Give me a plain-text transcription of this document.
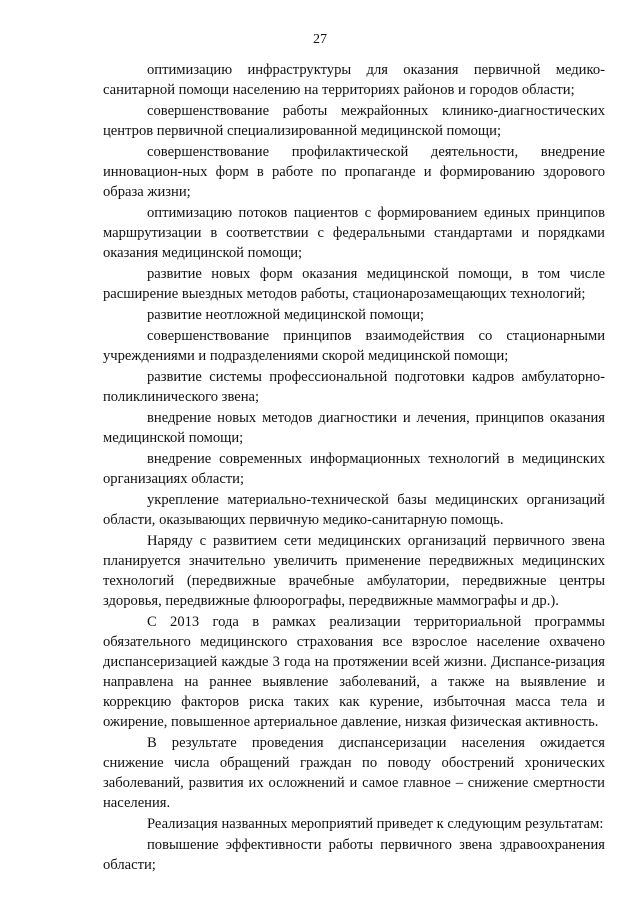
27

оптимизацию инфраструктуры для оказания первичной медико-санитарной помощи населению на территориях районов и городов области;

совершенствование работы межрайонных клинико-диагностических центров первичной специализированной медицинской помощи;

совершенствование профилактической деятельности, внедрение инновацион-ных форм в работе по пропаганде и формированию здорового образа жизни;

оптимизацию потоков пациентов с формированием единых принципов маршрутизации в соответствии с федеральными стандартами и порядками оказания медицинской помощи;

развитие новых форм оказания медицинской помощи, в том числе расширение выездных методов работы, стационарозамещающих технологий;

развитие неотложной медицинской помощи;

совершенствование принципов взаимодействия со стационарными учреждениями и подразделениями скорой медицинской помощи;

развитие системы профессиональной подготовки кадров амбулаторно-поликлинического звена;

внедрение новых методов диагностики и лечения, принципов оказания медицинской помощи;

внедрение современных информационных технологий в медицинских организациях области;

укрепление материально-технической базы медицинских организаций области, оказывающих первичную медико-санитарную помощь.

Наряду с развитием сети медицинских организаций первичного звена планируется значительно увеличить применение передвижных медицинских технологий (передвижные врачебные амбулатории, передвижные центры здоровья, передвижные флюорографы, передвижные маммографы и др.).

С 2013 года в рамках реализации территориальной программы обязательного медицинского страхования все взрослое население охвачено диспансеризацией каждые 3 года на протяжении всей жизни. Диспансе-ризация направлена на раннее выявление заболеваний, а также на выявление и коррекцию факторов риска таких как курение, избыточная масса тела и ожирение, повышенное артериальное давление, низкая физическая активность.

В результате проведения диспансеризации населения ожидается снижение числа обращений граждан по поводу обострений хронических заболеваний, развития их осложнений и самое главное – снижение смертности населения.

Реализация названных мероприятий приведет к следующим результатам:

повышение эффективности работы первичного звена здравоохранения области;
